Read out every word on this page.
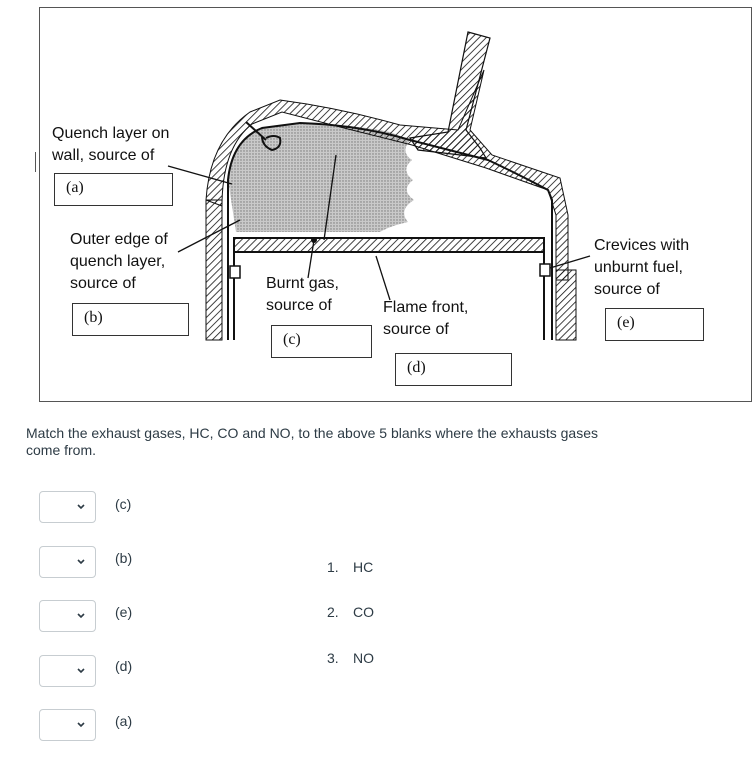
Quench layer on
wall, source of
(a)
Outer edge of
quench layer,
source of
(b)
Burnt gas,
source of
(c)
Flame front,
source of
(d)
Crevices with
unburnt fuel,
source of
(e)
Match the exhaust gases, HC, CO and NO, to the above 5 blanks where the exhausts gases come from.
(c)
(b)
(e)
(d)
(a)
1. HC
2. CO
3. NO
